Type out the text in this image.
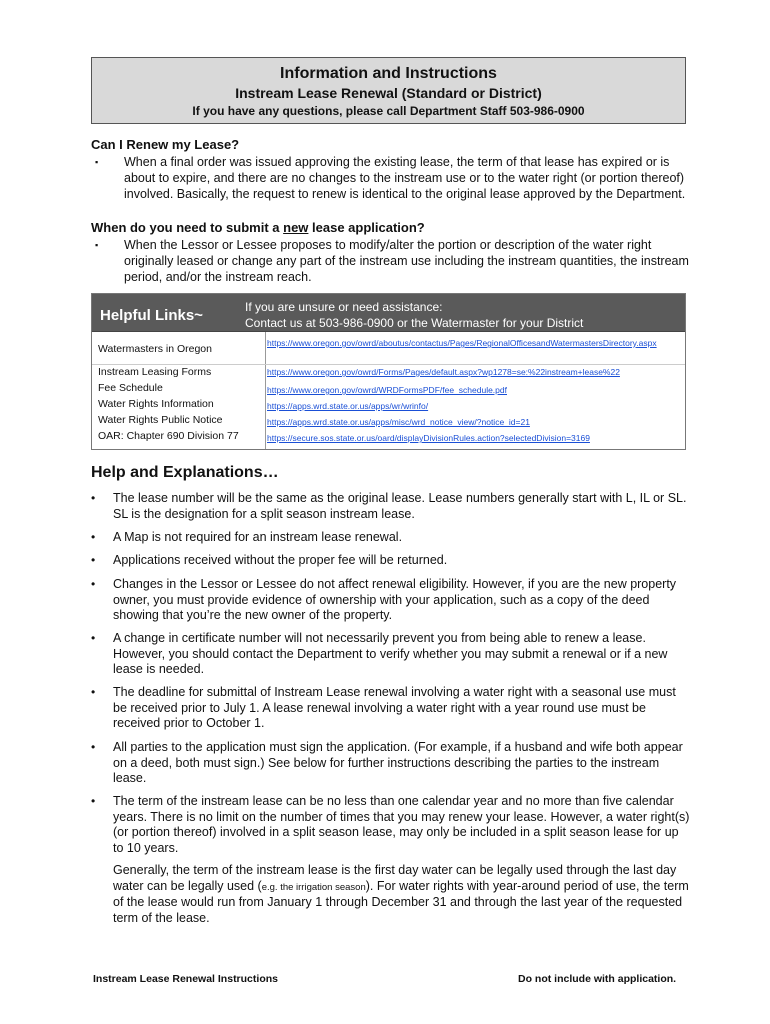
Information and Instructions
Instream Lease Renewal (Standard or District)
If you have any questions, please call Department Staff 503-986-0900
Can I Renew my Lease?
▪ When a final order was issued approving the existing lease, the term of that lease has expired or is about to expire, and there are no changes to the instream use or to the water right (or portion thereof) involved. Basically, the request to renew is identical to the original lease approved by the Department.
When do you need to submit a new lease application?
▪ When the Lessor or Lessee proposes to modify/alter the portion or description of the water right originally leased or change any part of the instream use including the instream quantities, the instream period, and/or the instream reach.
Helpful Links~	If you are unsure or need assistance:
Contact us at 503-986-0900 or the Watermaster for your District
Watermasters in Oregon	https://www.oregon.gov/owrd/aboutus/contactus/Pages/RegionalOfficesandWatermastersDirectory.aspx
Instream Leasing Forms	https://www.oregon.gov/owrd/Forms/Pages/default.aspx?wp1278=se:%22instream+lease%22
Fee Schedule	https://www.oregon.gov/owrd/WRDFormsPDF/fee_schedule.pdf
Water Rights Information	https://apps.wrd.state.or.us/apps/wr/wrinfo/
Water Rights Public Notice	https://apps.wrd.state.or.us/apps/misc/wrd_notice_view/?notice_id=21
OAR: Chapter 690 Division 77	https://secure.sos.state.or.us/oard/displayDivisionRules.action?selectedDivision=3169
Help and Explanations…
• The lease number will be the same as the original lease. Lease numbers generally start with L, IL or SL. SL is the designation for a split season instream lease.
• A Map is not required for an instream lease renewal.
• Applications received without the proper fee will be returned.
• Changes in the Lessor or Lessee do not affect renewal eligibility. However, if you are the new property owner, you must provide evidence of ownership with your application, such as a copy of the deed showing that you’re the new owner of the property.
• A change in certificate number will not necessarily prevent you from being able to renew a lease. However, you should contact the Department to verify whether you may submit a renewal or if a new lease is needed.
• The deadline for submittal of Instream Lease renewal involving a water right with a seasonal use must be received prior to July 1. A lease renewal involving a water right with a year round use must be received prior to October 1.
• All parties to the application must sign the application. (For example, if a husband and wife both appear on a deed, both must sign.) See below for further instructions describing the parties to the instream lease.
• The term of the instream lease can be no less than one calendar year and no more than five calendar years. There is no limit on the number of times that you may renew your lease. However, a water right(s) (or portion thereof) involved in a split season lease, may only be included in a split season lease for up to 10 years.
Generally, the term of the instream lease is the first day water can be legally used through the last day water can be legally used (e.g. the irrigation season). For water rights with year-around period of use, the term of the lease would run from January 1 through December 31 and through the last year of the requested term of the lease.
Instream Lease Renewal Instructions	Do not include with application.
